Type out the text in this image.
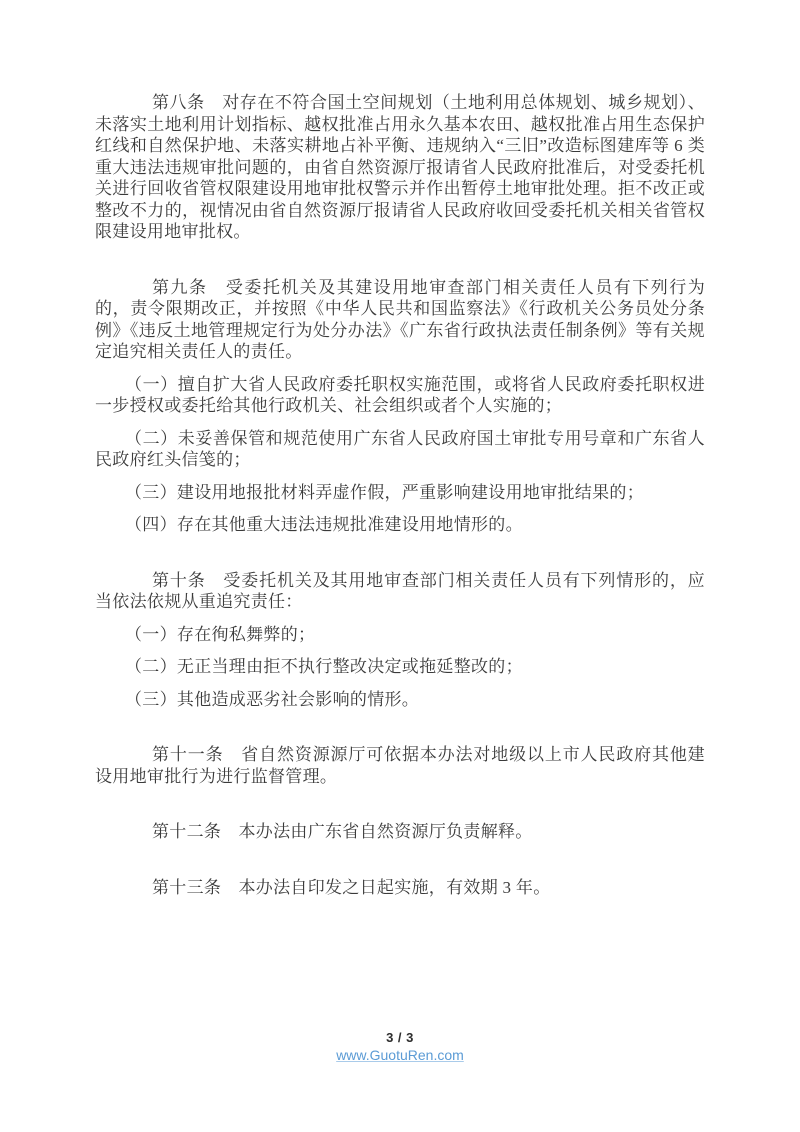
第八条　对存在不符合国土空间规划（土地利用总体规划、城乡规划）、未落实土地利用计划指标、越权批准占用永久基本农田、越权批准占用生态保护红线和自然保护地、未落实耕地占补平衡、违规纳入“三旧”改造标图建库等 6 类重大违法违规审批问题的，由省自然资源厅报请省人民政府批准后，对受委托机关进行回收省管权限建设用地审批权警示并作出暂停土地审批处理。拒不改正或整改不力的，视情况由省自然资源厅报请省人民政府收回受委托机关相关省管权限建设用地审批权。

第九条　受委托机关及其建设用地审查部门相关责任人员有下列行为的，责令限期改正，并按照《中华人民共和国监察法》《行政机关公务员处分条例》《违反土地管理规定行为处分办法》《广东省行政执法责任制条例》等有关规定追究相关责任人的责任。

（一）擅自扩大省人民政府委托职权实施范围，或将省人民政府委托职权进一步授权或委托给其他行政机关、社会组织或者个人实施的；

（二）未妥善保管和规范使用广东省人民政府国土审批专用号章和广东省人民政府红头信笺的；

（三）建设用地报批材料弄虚作假，严重影响建设用地审批结果的；

（四）存在其他重大违法违规批准建设用地情形的。

第十条　受委托机关及其用地审查部门相关责任人员有下列情形的，应当依法依规从重追究责任：

（一）存在徇私舞弊的；

（二）无正当理由拒不执行整改决定或拖延整改的；

（三）其他造成恶劣社会影响的情形。

第十一条　省自然资源源厅可依据本办法对地级以上市人民政府其他建设用地审批行为进行监督管理。

第十二条　本办法由广东省自然资源厅负责解释。

第十三条　本办法自印发之日起实施，有效期 3 年。

3 / 3
www.GuotuRen.com
